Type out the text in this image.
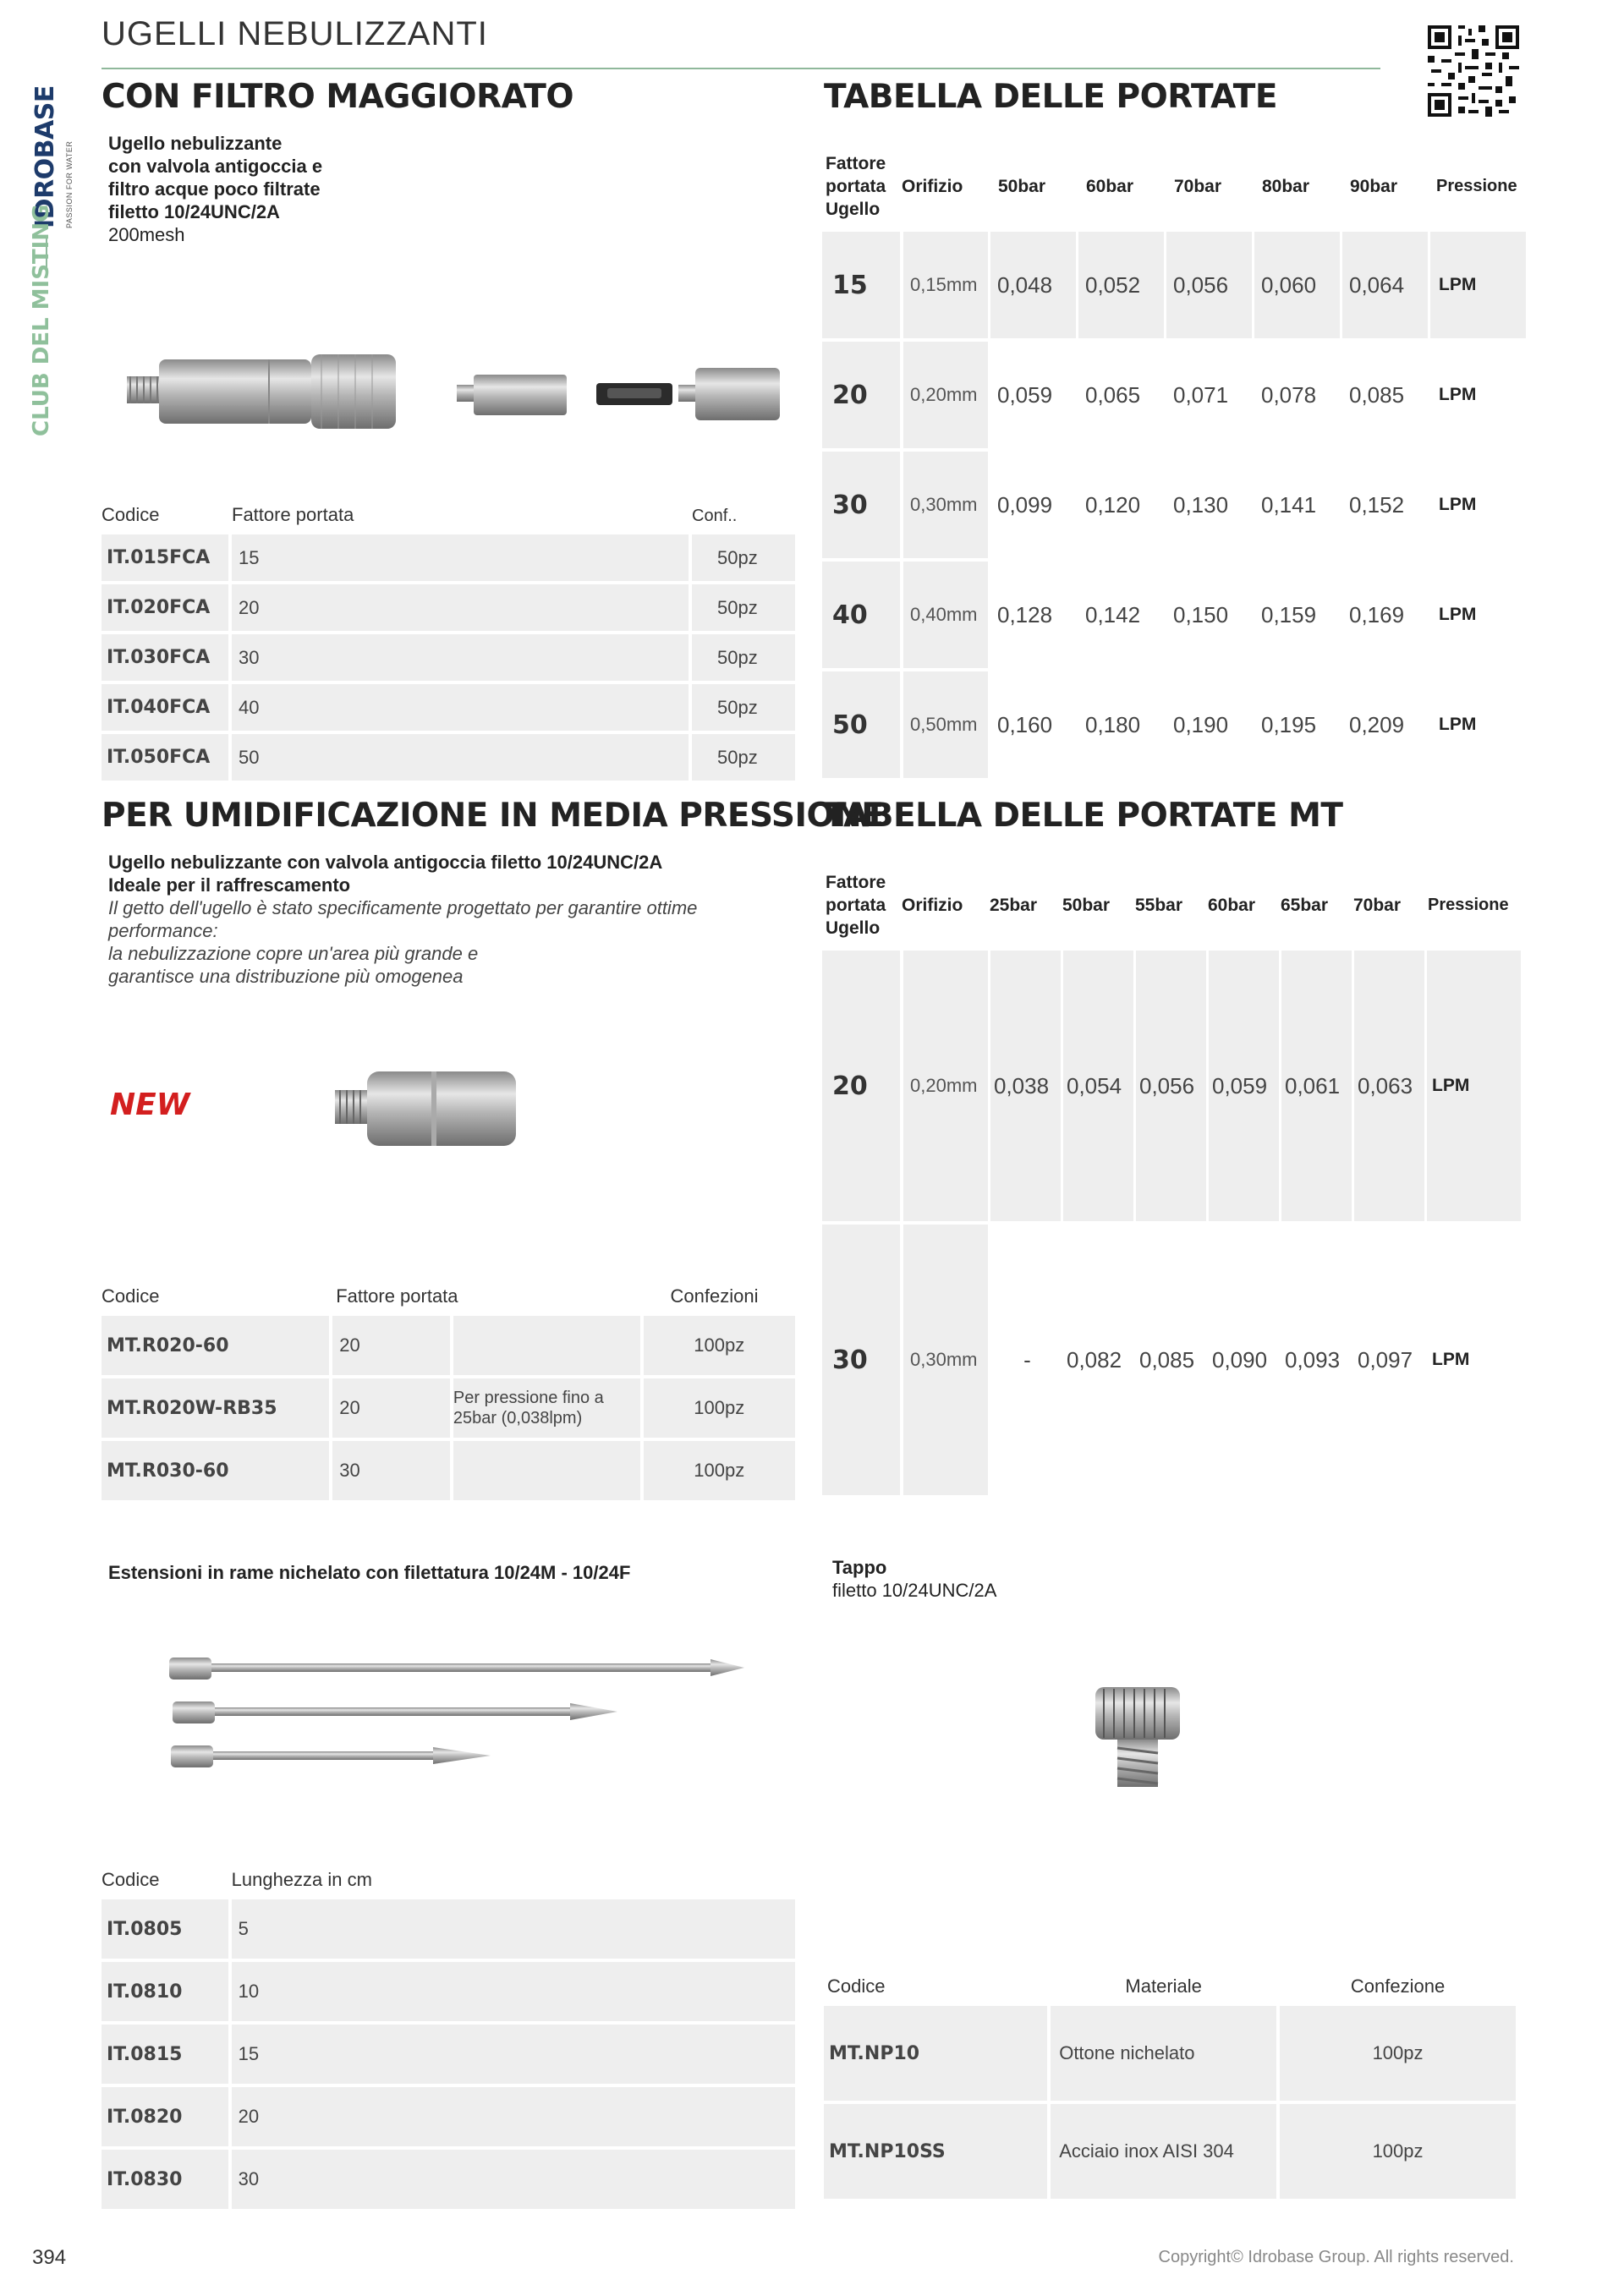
UGELLI NEBULIZZANTI
IDROBASE PASSION FOR WATER
CLUB DEL MISTING
CON FILTRO MAGGIORATO
Ugello nebulizzante
con valvola antigoccia e
filtro acque poco filtrate
filetto 10/24UNC/2A
200mesh
Codice	Fattore portata	Conf..
IT.015FCA	15	50pz
IT.020FCA	20	50pz
IT.030FCA	30	50pz
IT.040FCA	40	50pz
IT.050FCA	50	50pz
TABELLA DELLE PORTATE
Fattore
portata
Ugello	Orifizio	50bar	60bar	70bar	80bar	90bar	Pressione
15	0,15mm	0,048	0,052	0,056	0,060	0,064	LPM
20	0,20mm	0,059	0,065	0,071	0,078	0,085	LPM
30	0,30mm	0,099	0,120	0,130	0,141	0,152	LPM
40	0,40mm	0,128	0,142	0,150	0,159	0,169	LPM
50	0,50mm	0,160	0,180	0,190	0,195	0,209	LPM
PER UMIDIFICAZIONE IN MEDIA PRESSIONE
Ugello nebulizzante con valvola antigoccia filetto 10/24UNC/2A
Ideale per il raffrescamento
Il getto dell'ugello è stato specificamente progettato per garantire ottime
performance:
la nebulizzazione copre un'area più grande e
garantisce una distribuzione più omogenea
NEW
Codice	Fattore portata		Confezioni
MT.R020-60	20		100pz
MT.R020W-RB35	20	Per pressione fino a 25bar (0,038lpm)	100pz
MT.R030-60	30		100pz
TABELLA DELLE PORTATE MT
Fattore
portata
Ugello	Orifizio	25bar	50bar	55bar	60bar	65bar	70bar	Pressione
20	0,20mm	0,038	0,054	0,056	0,059	0,061	0,063	LPM
30	0,30mm	-	0,082	0,085	0,090	0,093	0,097	LPM
Estensioni in rame nichelato con filettatura 10/24M - 10/24F
Codice	Lunghezza in cm
IT.0805	5
IT.0810	10
IT.0815	15
IT.0820	20
IT.0830	30
Tappo
filetto 10/24UNC/2A
Codice	Materiale	Confezione
MT.NP10	Ottone nichelato	100pz
MT.NP10SS	Acciaio inox AISI 304	100pz
394	Copyright© Idrobase Group. All rights reserved.
